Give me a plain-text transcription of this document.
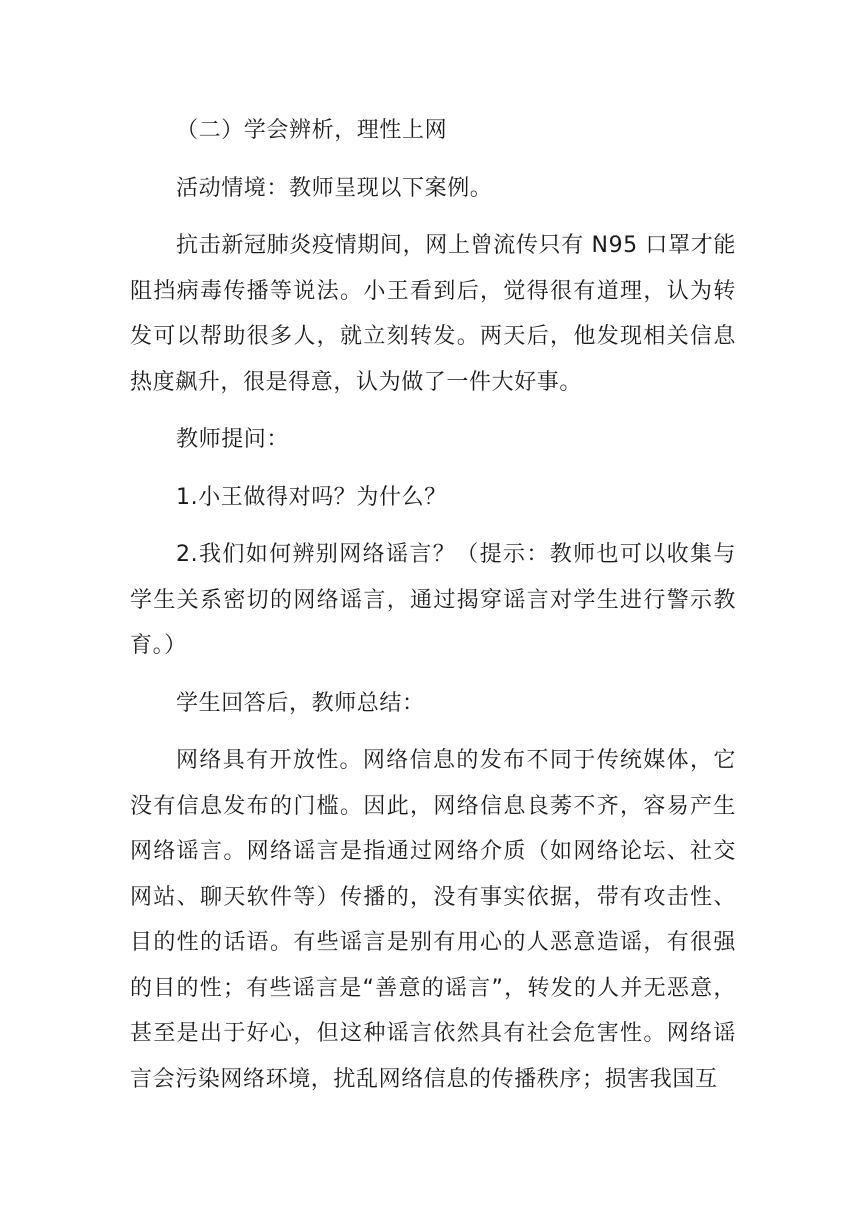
（二）学会辨析，理性上网

活动情境：教师呈现以下案例。

抗击新冠肺炎疫情期间，网上曾流传只有 N95 口罩才能阻挡病毒传播等说法。小王看到后，觉得很有道理，认为转发可以帮助很多人，就立刻转发。两天后，他发现相关信息热度飙升，很是得意，认为做了一件大好事。

教师提问：

1.小王做得对吗？为什么？

2.我们如何辨别网络谣言？（提示：教师也可以收集与学生关系密切的网络谣言，通过揭穿谣言对学生进行警示教育。）

学生回答后，教师总结：

网络具有开放性。网络信息的发布不同于传统媒体，它没有信息发布的门槛。因此，网络信息良莠不齐，容易产生网络谣言。网络谣言是指通过网络介质（如网络论坛、社交网站、聊天软件等）传播的，没有事实依据，带有攻击性、目的性的话语。有些谣言是别有用心的人恶意造谣，有很强的目的性；有些谣言是“善意的谣言”，转发的人并无恶意，甚至是出于好心，但这种谣言依然具有社会危害性。网络谣言会污染网络环境，扰乱网络信息的传播秩序；损害我国互
